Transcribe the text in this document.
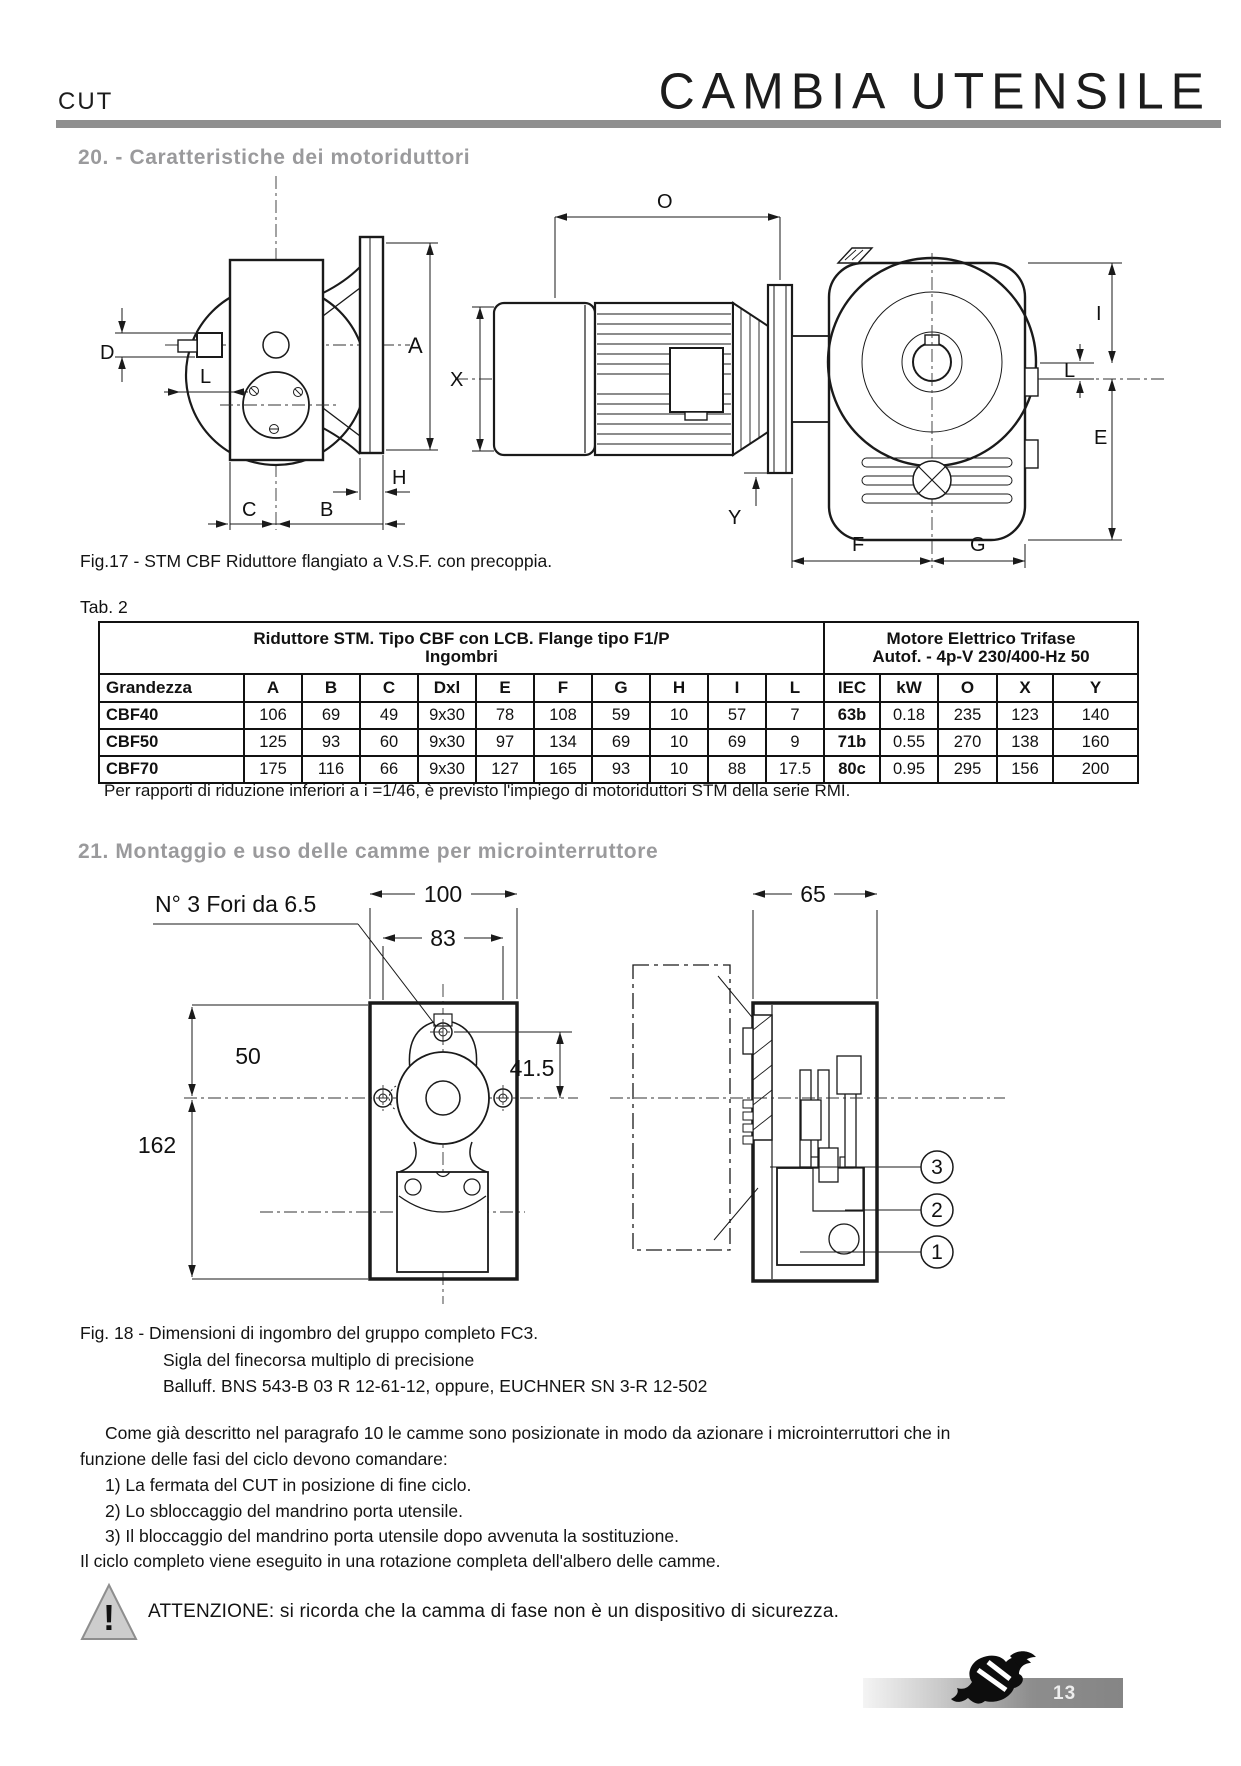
CUT	CAMBIA UTENSILE
20. - Caratteristiche dei motoriduttori
D
L
A
H
C	B
O
X
I
L
E
Y
F	G
Fig.17 - STM CBF Riduttore flangiato a V.S.F. con precoppia.
Tab. 2
Riduttore STM. Tipo CBF con LCB. Flange tipo F1/P
Ingombri

Motore Elettrico Trifase
Autof. - 4p-V 230/400-Hz 50

Grandezza	A	B	C	Dxl	E	F	G	H	I	L	IEC	kW	O	X	Y
CBF40	106	69	49	9x30	78	108	59	10	57	7	63b	0.18	235	123	140
CBF50	125	93	60	9x30	97	134	69	10	69	9	71b	0.55	270	138	160
CBF70	175	116	66	9x30	127	165	93	10	88	17.5	80c	0.95	295	156	200
Per rapporti di riduzione inferiori a i =1/46, è previsto l'impiego di motoriduttori STM della serie RMI.
21. Montaggio e uso delle camme per microinterruttore
N° 3 Fori da 6.5	100
83
50
162
41.5
65
3
2
1
Fig. 18 - Dimensioni di ingombro del gruppo completo FC3.
Sigla del finecorsa multiplo di precisione
Balluff. BNS 543-B 03 R 12-61-12, oppure, EUCHNER SN 3-R 12-502
Come già descritto nel paragrafo 10 le camme sono posizionate in modo da azionare i microinterruttori che in
funzione delle fasi del ciclo devono comandare:
1) La fermata del CUT in posizione di fine ciclo.
2) Lo sbloccaggio del mandrino porta utensile.
3) Il bloccaggio del mandrino porta utensile dopo avvenuta la sostituzione.
Il ciclo completo viene eseguito in una rotazione completa dell'albero delle camme.
! ATTENZIONE: si ricorda che la camma di fase non è un dispositivo di sicurezza.
13
